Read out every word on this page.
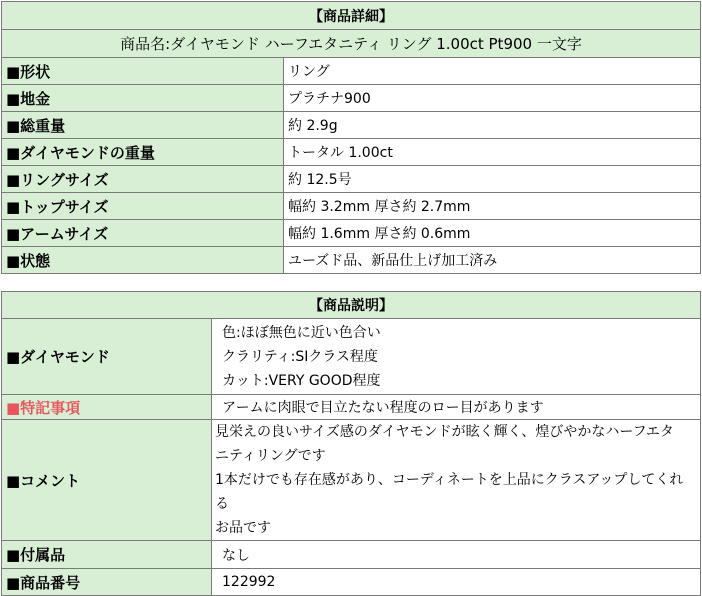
【商品詳細】	
商品名:ダイヤモンド ハーフエタニティ リング 1.00ct Pt900 一文字	
■形状	リング
■地金	プラチナ900
■総重量	約 2.9g
■ダイヤモンドの重量	トータル 1.00ct
■リングサイズ	約 12.5号
■トップサイズ	幅約 3.2mm 厚さ約 2.7mm
■アームサイズ	幅約 1.6mm 厚さ約 0.6mm
■状態	ユーズド品、新品仕上げ加工済み
【商品説明】	
■ダイヤモンド	色:ほぼ無色に近い色合い
クラリティ:SIクラス程度
カット:VERY GOOD程度

■特記事項	アームに肉眼で目立たない程度のロー目があります
■コメント	見栄えの良いサイズ感のダイヤモンドが眩く輝く、煌びやかなハーフエタ
ニティリングです
1本だけでも存在感があり、コーディネートを上品にクラスアップしてくれる
お品です

■付属品	なし
■商品番号	122992
